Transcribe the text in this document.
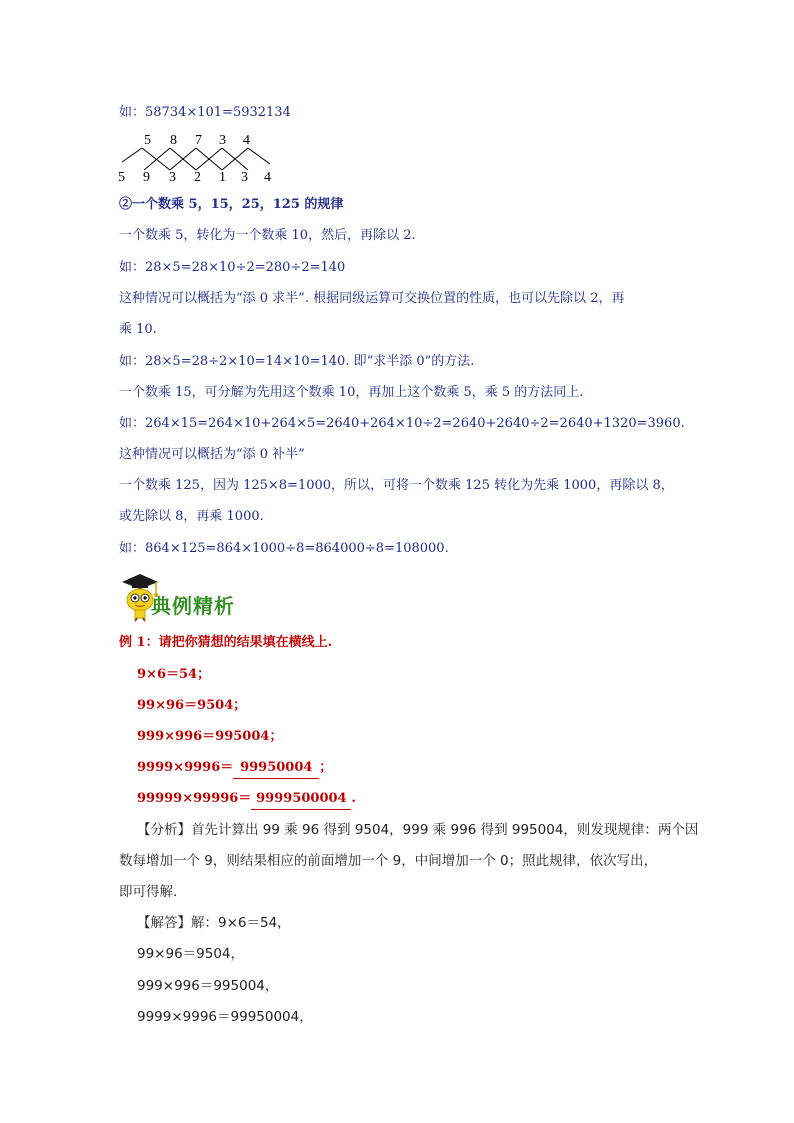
如：58734×101=5932134
5 8 7 3 4
5 9 3 2 1 3 4
②一个数乘 5，15，25，125 的规律
一个数乘 5，转化为一个数乘 10，然后，再除以 2.
如：28×5=28×10÷2=280÷2=140
这种情况可以概括为“添 0 求半”. 根据同级运算可交换位置的性质，也可以先除以 2，再
乘 10.
如：28×5=28÷2×10=14×10=140. 即“求半添 0”的方法.
一个数乘 15，可分解为先用这个数乘 10，再加上这个数乘 5，乘 5 的方法同上.
如：264×15=264×10+264×5=2640+264×10÷2=2640+2640÷2=2640+1320=3960.
这种情况可以概括为“添 0 补半”
一个数乘 125，因为 125×8=1000，所以，可将一个数乘 125 转化为先乘 1000，再除以 8，
或先除以 8，再乘 1000.
如：864×125=864×1000÷8=864000÷8=108000.
典例精析
例 1：请把你猜想的结果填在横线上.
9×6＝54；
99×96＝9504；
999×996＝995004；
9999×9996＝ 99950004 ；
99999×99996＝ 9999500004 .
【分析】首先计算出 99 乘 96 得到 9504，999 乘 996 得到 995004，则发现规律：两个因
数每增加一个 9，则结果相应的前面增加一个 9，中间增加一个 0；照此规律，依次写出，
即可得解.
【解答】解：9×6＝54，
99×96＝9504，
999×996＝995004，
9999×9996＝99950004，
